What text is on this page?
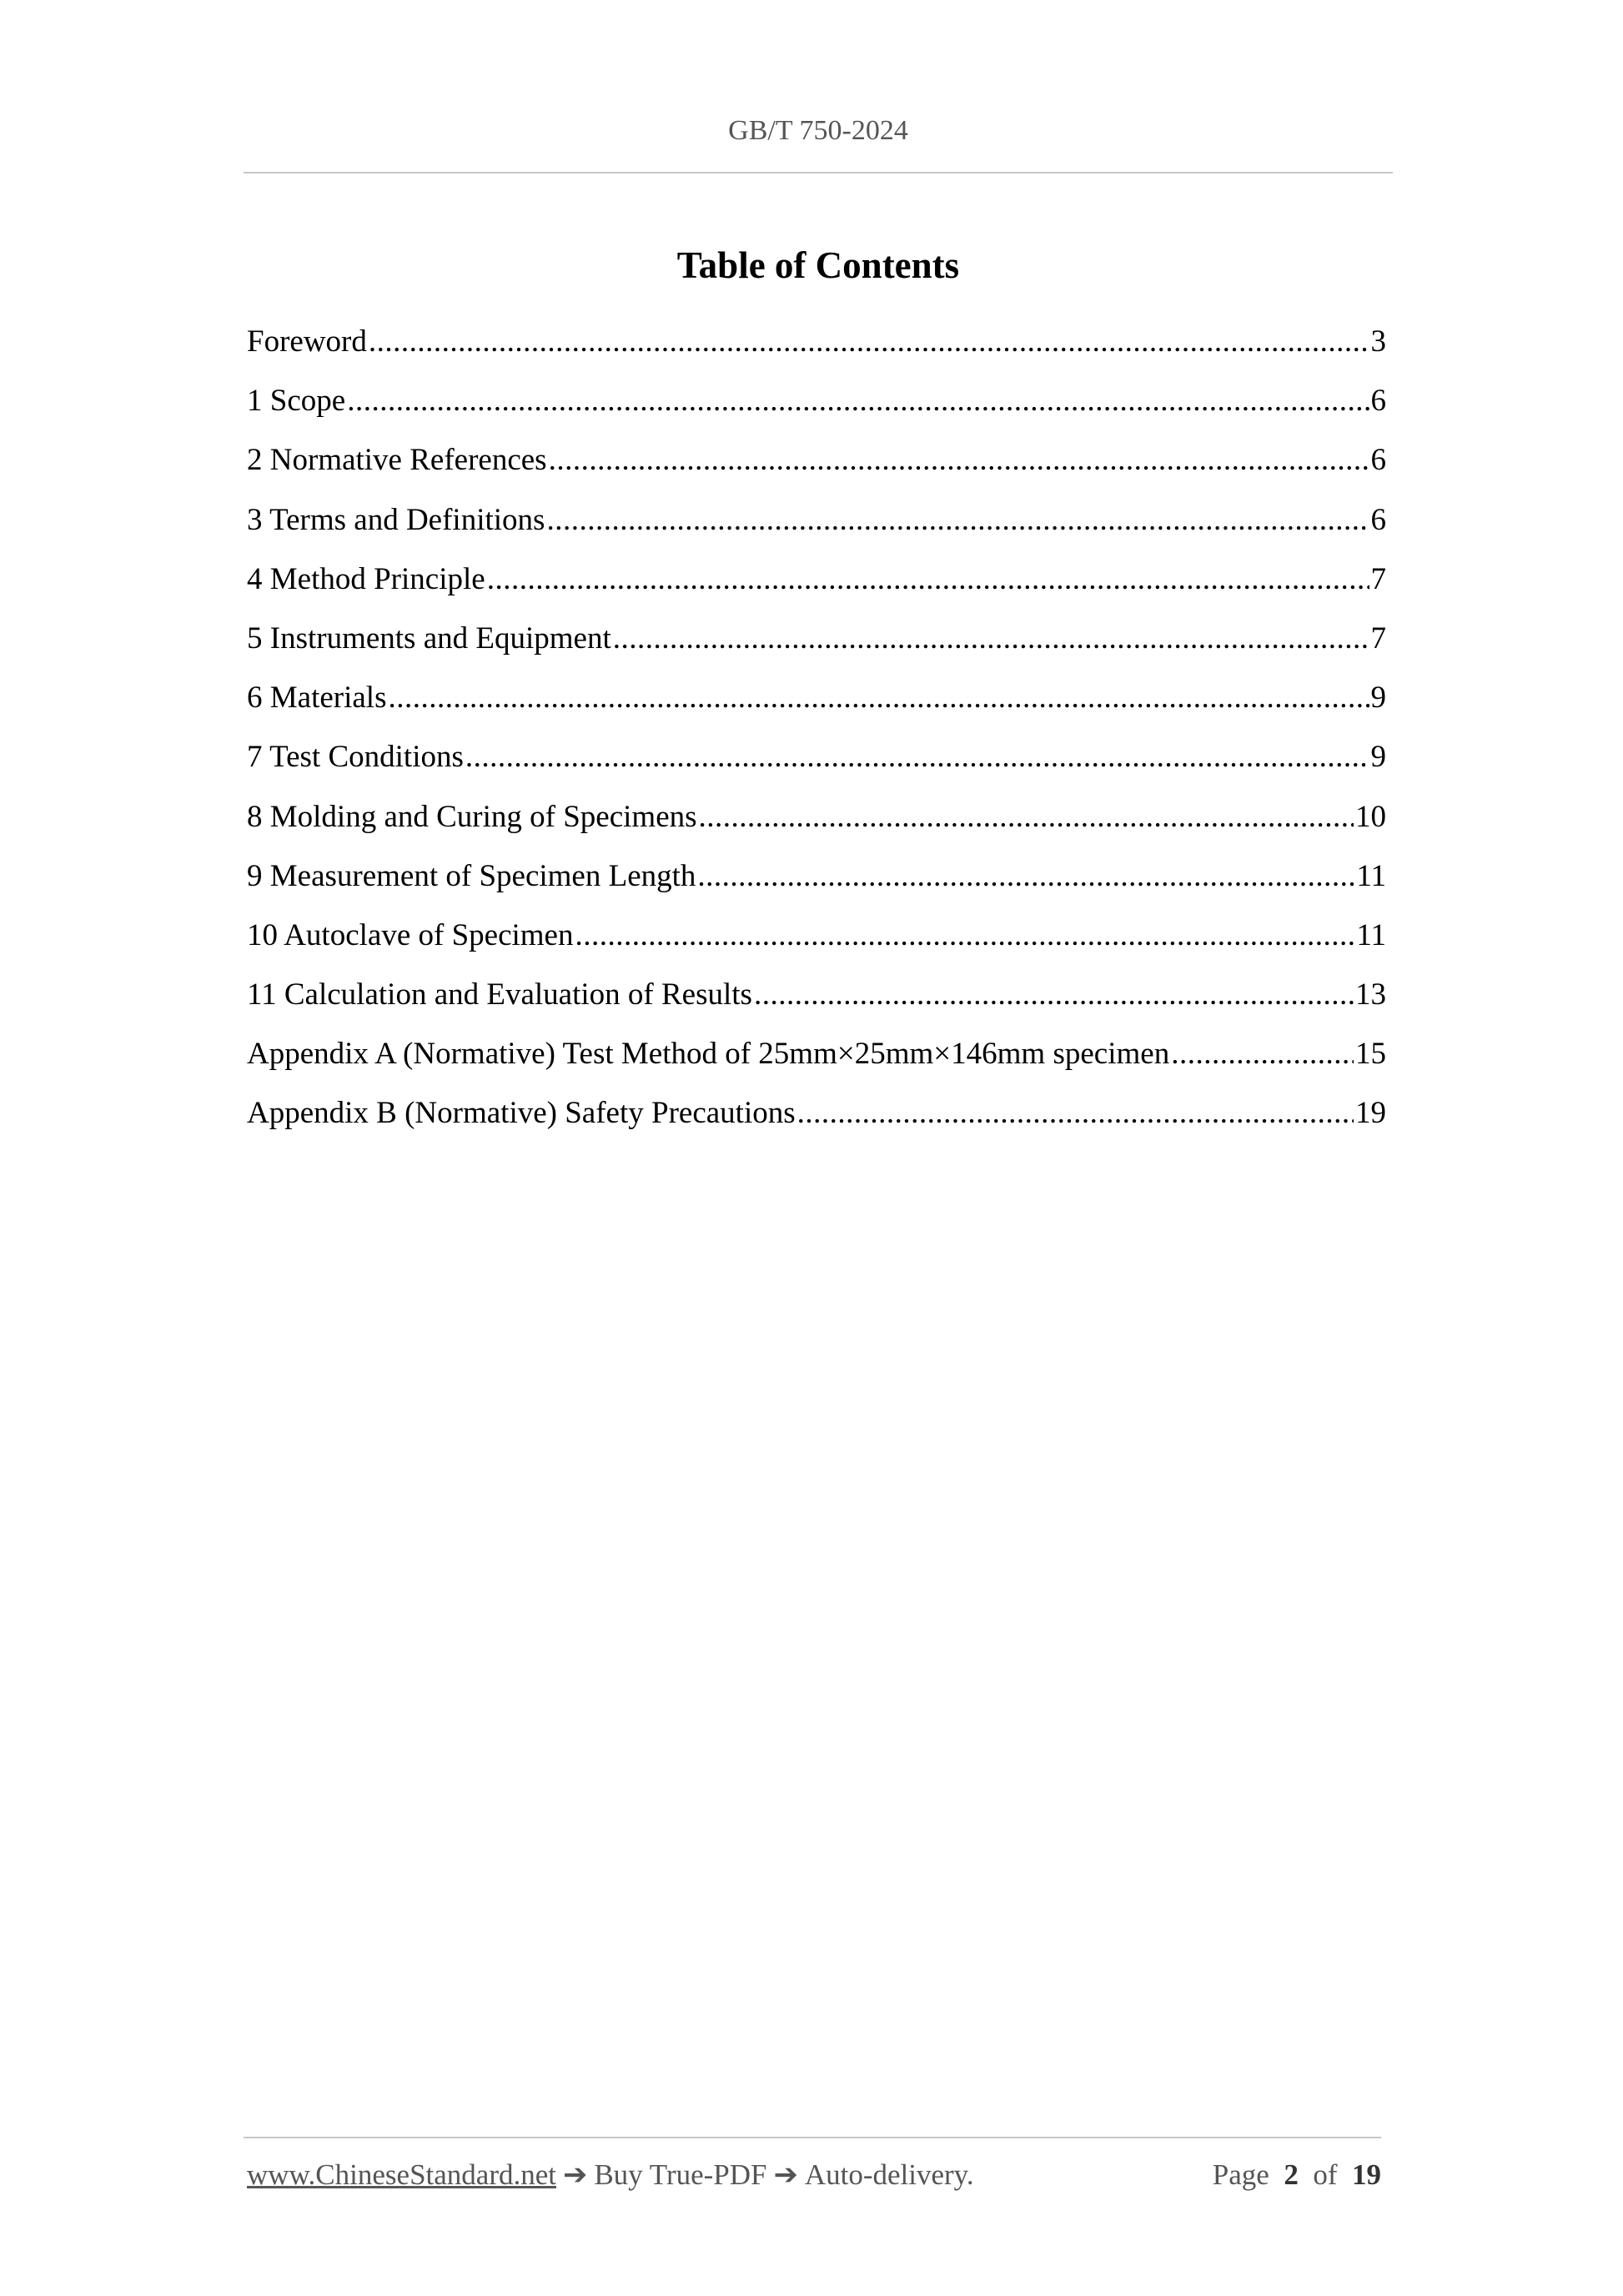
GB/T 750-2024
Table of Contents
Foreword .....	3
1 Scope .....	6
2 Normative References .....	6
3 Terms and Definitions .....	6
4 Method Principle .....	7
5 Instruments and Equipment .....	7
6 Materials .....	9
7 Test Conditions .....	9
8 Molding and Curing of Specimens .....	10
9 Measurement of Specimen Length .....	11
10 Autoclave of Specimen .....	11
11 Calculation and Evaluation of Results .....	13
Appendix A (Normative) Test Method of 25mm×25mm×146mm specimen .....	15
Appendix B (Normative) Safety Precautions .....	19
www.ChineseStandard.net ➔ Buy True-PDF ➔ Auto-delivery.	Page 2 of 19
